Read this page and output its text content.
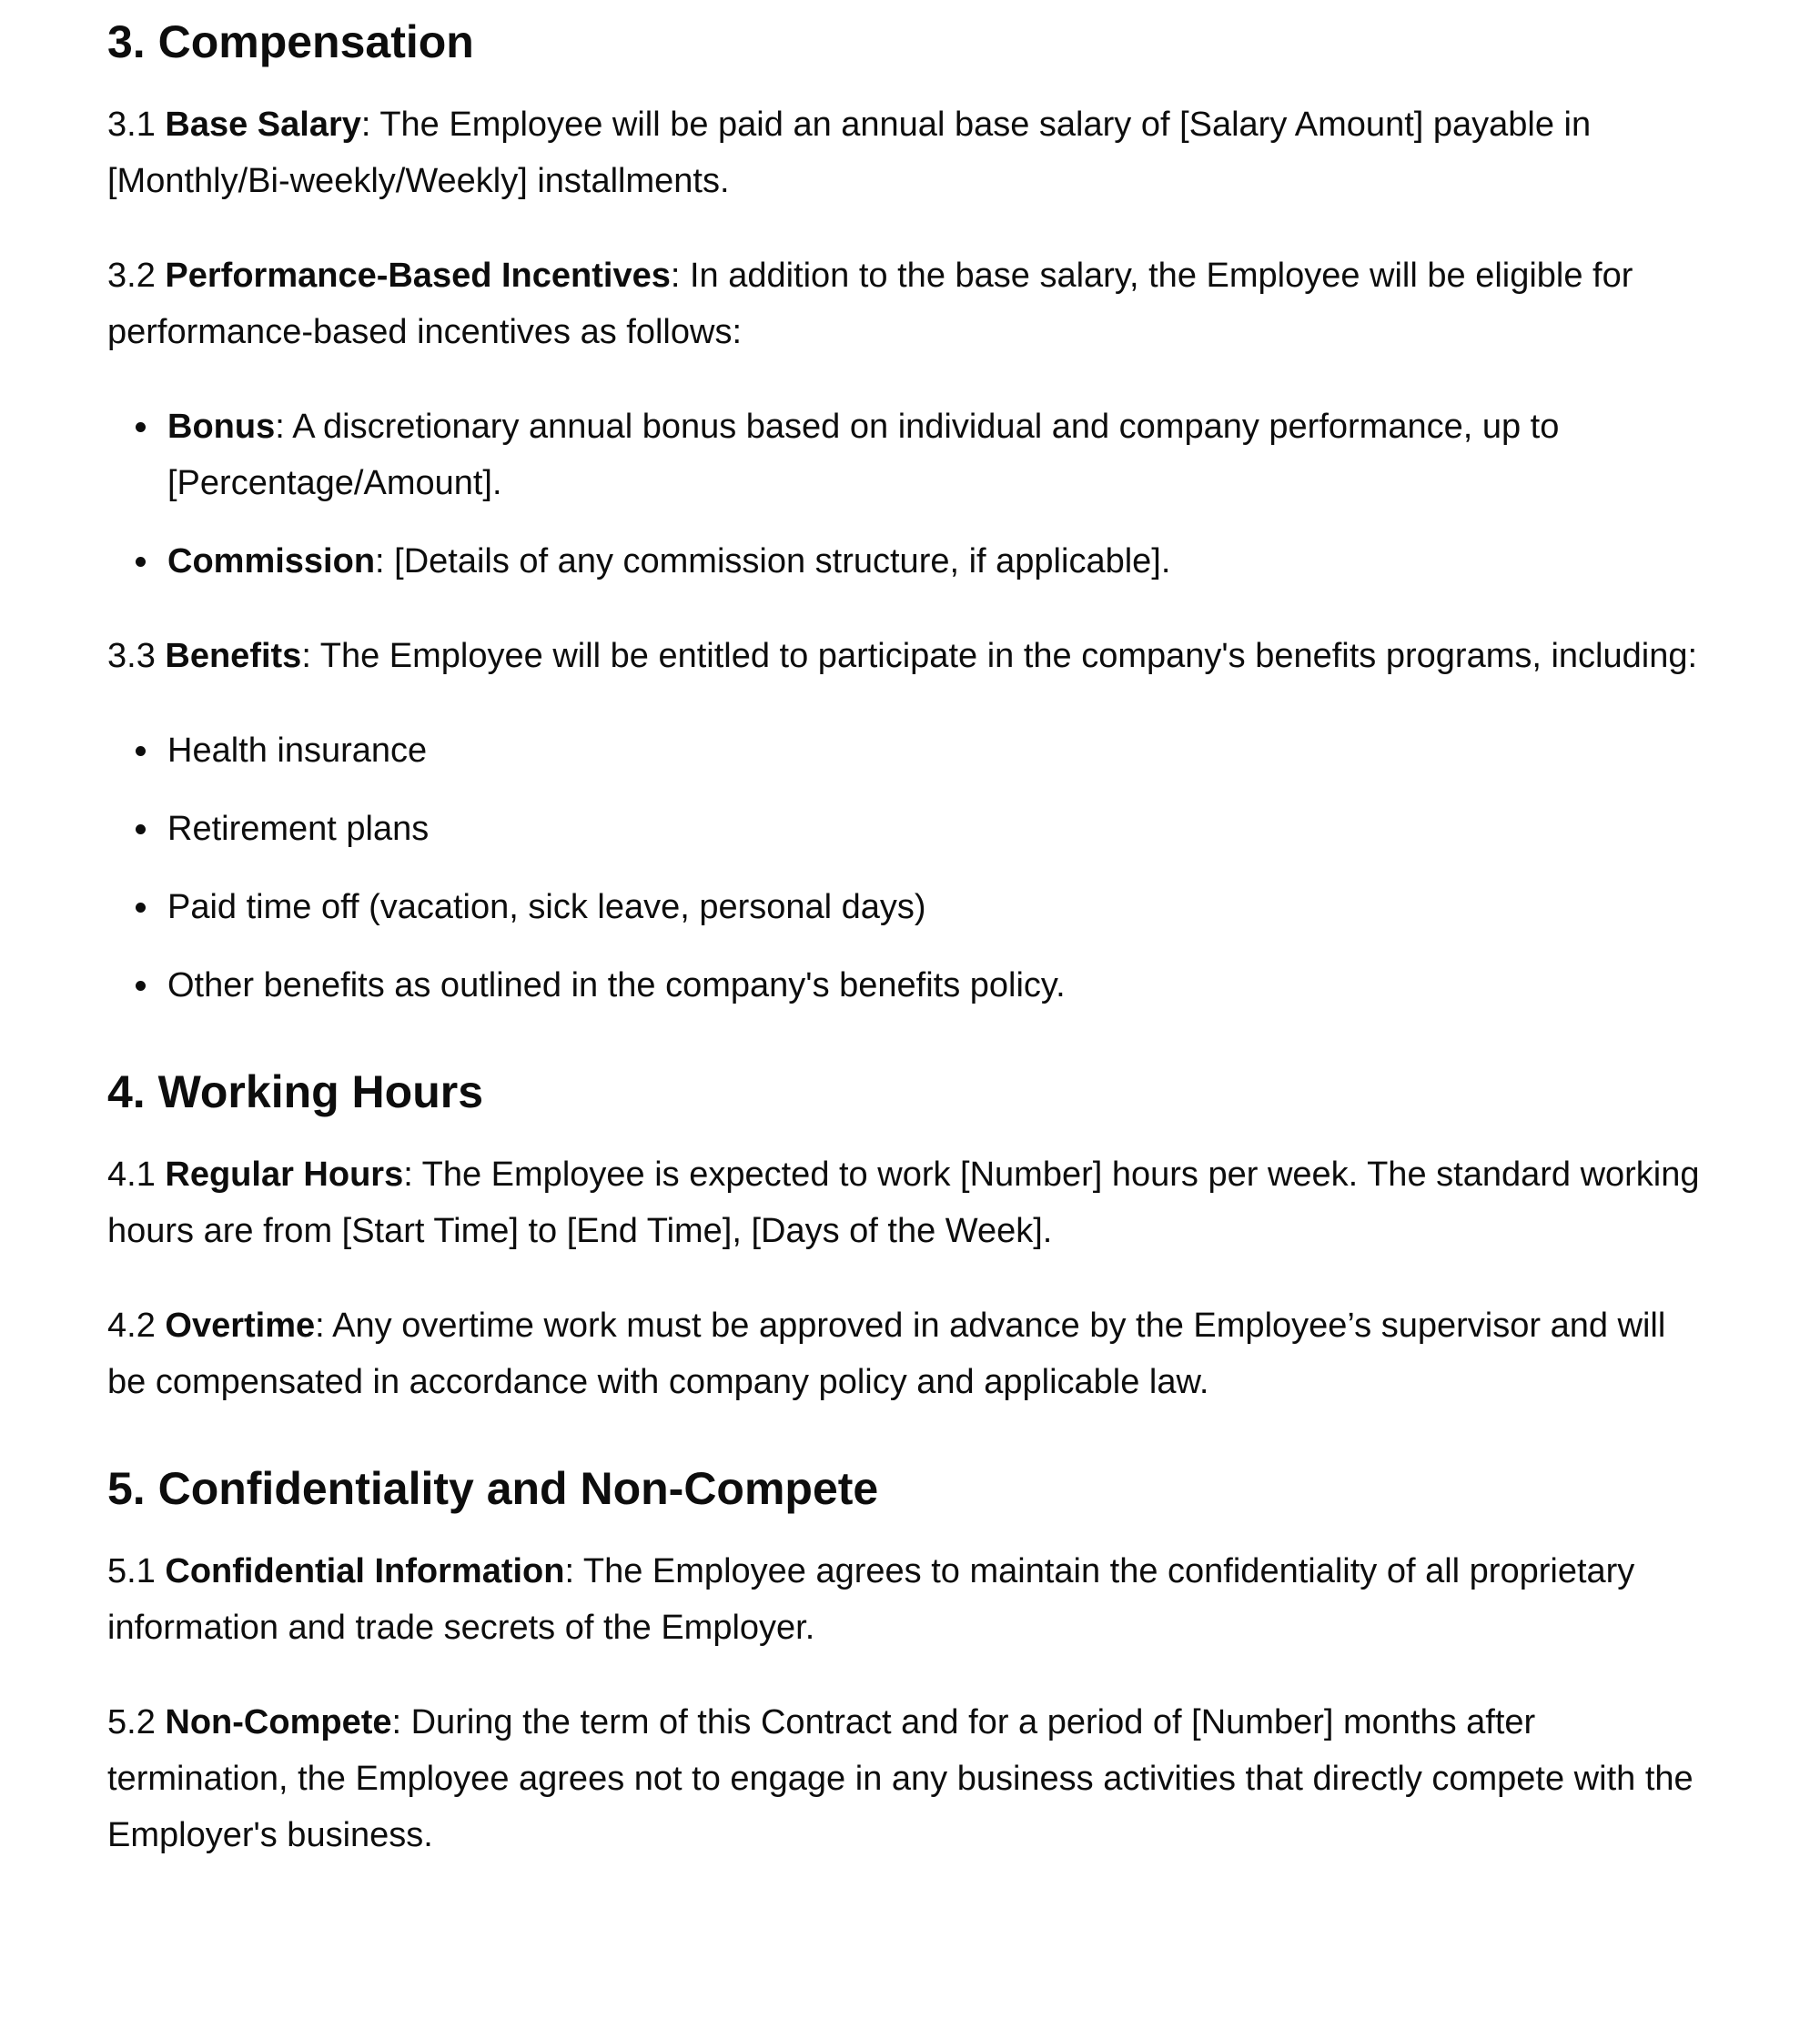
3. Compensation

3.1 Base Salary: The Employee will be paid an annual base salary of [Salary Amount] payable in [Monthly/Bi-weekly/Weekly] installments.

3.2 Performance-Based Incentives: In addition to the base salary, the Employee will be eligible for performance-based incentives as follows:

• Bonus: A discretionary annual bonus based on individual and company performance, up to [Percentage/Amount].
• Commission: [Details of any commission structure, if applicable].

3.3 Benefits: The Employee will be entitled to participate in the company's benefits programs, including:

• Health insurance
• Retirement plans
• Paid time off (vacation, sick leave, personal days)
• Other benefits as outlined in the company's benefits policy.
4. Working Hours

4.1 Regular Hours: The Employee is expected to work [Number] hours per week. The standard working hours are from [Start Time] to [End Time], [Days of the Week].

4.2 Overtime: Any overtime work must be approved in advance by the Employee’s supervisor and will be compensated in accordance with company policy and applicable law.

5. Confidentiality and Non-Compete

5.1 Confidential Information: The Employee agrees to maintain the confidentiality of all proprietary information and trade secrets of the Employer.

5.2 Non-Compete: During the term of this Contract and for a period of [Number] months after termination, the Employee agrees not to engage in any business activities that directly compete with the Employer's business.
